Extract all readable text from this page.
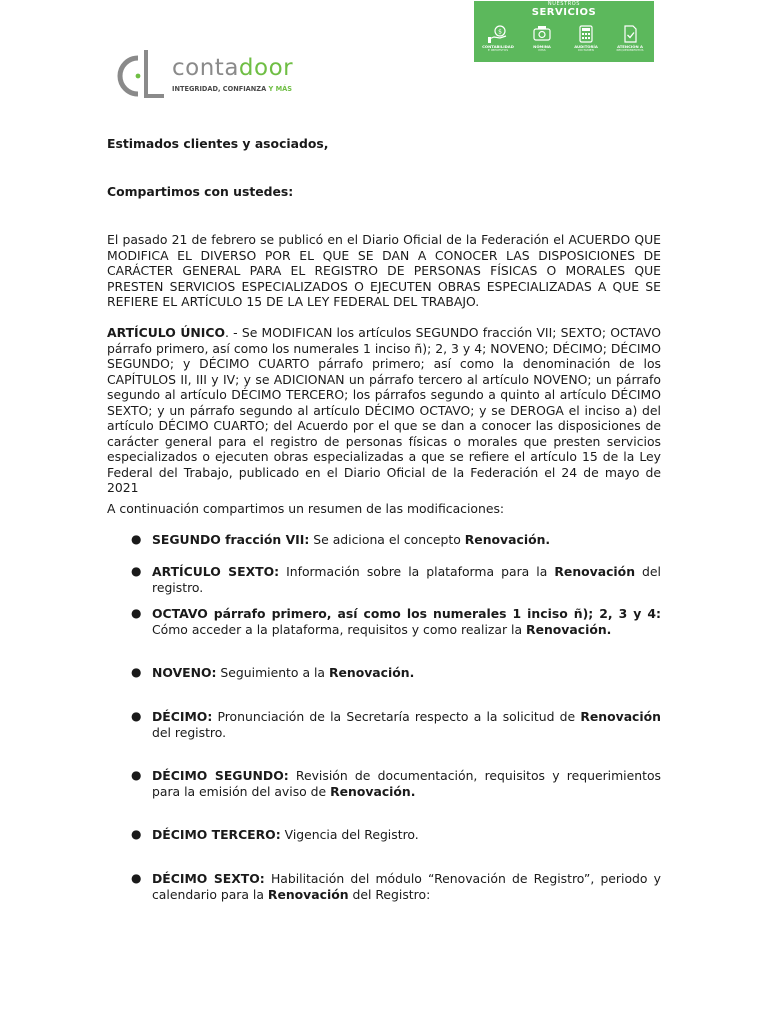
contadoor
INTEGRIDAD, CONFIANZA Y MÁS
NUESTROS
SERVICIOS
$
CONTABILIDAD
E IMPUESTOS
NÓMINA
IMSS
AUDITORÍA
DICTAMEN
ATENCIÓN A
REQUERIMIENTOS

Estimados clientes y asociados,

Compartimos con ustedes:

El pasado 21 de febrero se publicó en el Diario Oficial de la Federación el ACUERDO QUE MODIFICA EL DIVERSO POR EL QUE SE DAN A CONOCER LAS DISPOSICIONES DE CARÁCTER GENERAL PARA EL REGISTRO DE PERSONAS FÍSICAS O MORALES QUE PRESTEN SERVICIOS ESPECIALIZADOS O EJECUTEN OBRAS ESPECIALIZADAS A QUE SE REFIERE EL ARTÍCULO 15 DE LA LEY FEDERAL DEL TRABAJO.

ARTÍCULO ÚNICO. - Se MODIFICAN los artículos SEGUNDO fracción VII; SEXTO; OCTAVO párrafo primero, así como los numerales 1 inciso ñ); 2, 3 y 4; NOVENO; DÉCIMO; DÉCIMO SEGUNDO; y DÉCIMO CUARTO párrafo primero; así como la denominación de los CAPÍTULOS II, III y IV; y se ADICIONAN un párrafo tercero al artículo NOVENO; un párrafo segundo al artículo DÉCIMO TERCERO; los párrafos segundo a quinto al artículo DÉCIMO SEXTO; y un párrafo segundo al artículo DÉCIMO OCTAVO; y se DEROGA el inciso a) del artículo DÉCIMO CUARTO; del Acuerdo por el que se dan a conocer las disposiciones de carácter general para el registro de personas físicas o morales que presten servicios especializados o ejecuten obras especializadas a que se refiere el artículo 15 de la Ley Federal del Trabajo, publicado en el Diario Oficial de la Federación el 24 de mayo de 2021

A continuación compartimos un resumen de las modificaciones:

● SEGUNDO fracción VII: Se adiciona el concepto Renovación.

● ARTÍCULO SEXTO: Información sobre la plataforma para la Renovación del registro.

● OCTAVO párrafo primero, así como los numerales 1 inciso ñ); 2, 3 y 4: Cómo acceder a la plataforma, requisitos y como realizar la Renovación.

● NOVENO: Seguimiento a la Renovación.

● DÉCIMO: Pronunciación de la Secretaría respecto a la solicitud de Renovación del registro.

● DÉCIMO SEGUNDO: Revisión de documentación, requisitos y requerimientos para la emisión del aviso de Renovación.

● DÉCIMO TERCERO: Vigencia del Registro.

● DÉCIMO SEXTO: Habilitación del módulo “Renovación de Registro”, periodo y calendario para la Renovación del Registro:
